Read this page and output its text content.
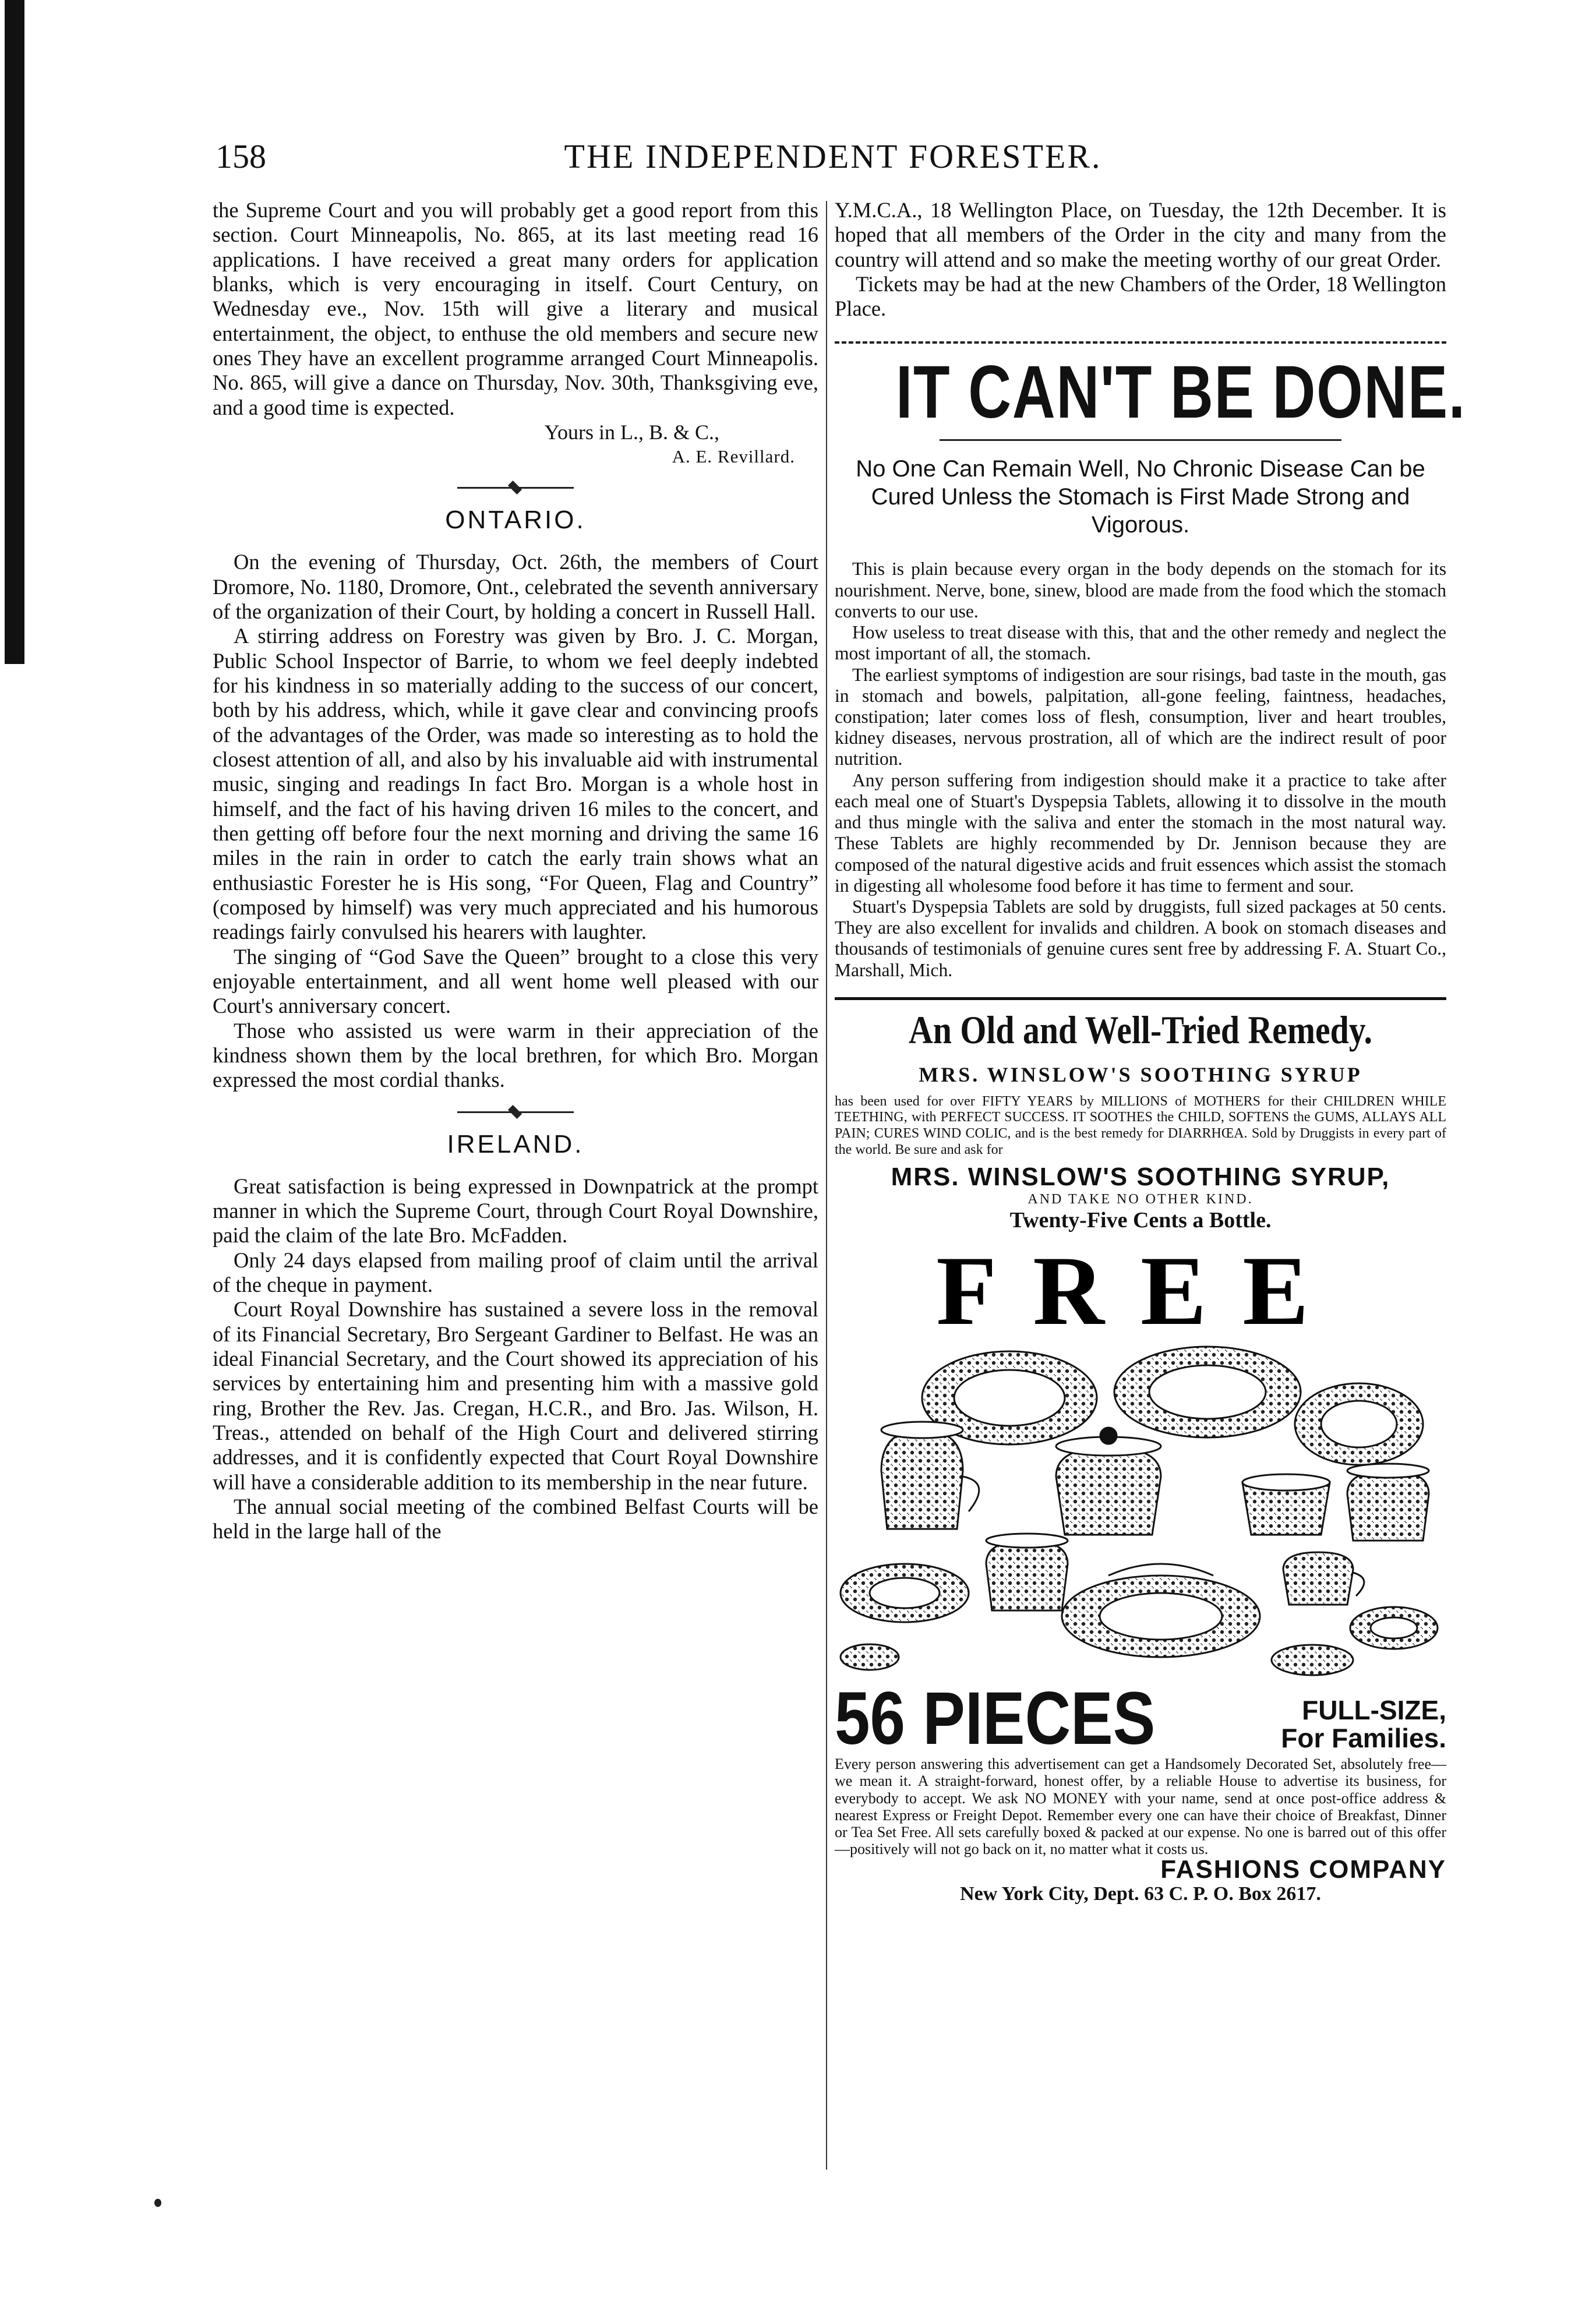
158	THE INDEPENDENT FORESTER.

the Supreme Court and you will probably get a good report from this section. Court Minneapolis, No. 865, at its last meeting read 16 applications. I have received a great many orders for application blanks, which is very encouraging in itself. Court Century, on Wednesday eve., Nov. 15th will give a literary and musical entertainment, the object, to enthuse the old members and secure new ones They have an excellent programme arranged Court Minneapolis. No. 865, will give a dance on Thursday, Nov. 30th, Thanksgiving eve, and a good time is expected.

Yours in L., B. & C.,
A. E. Revillard.
ONTARIO.

On the evening of Thursday, Oct. 26th, the members of Court Dromore, No. 1180, Dromore, Ont., celebrated the seventh anniversary of the organization of their Court, by holding a concert in Russell Hall.

A stirring address on Forestry was given by Bro. J. C. Morgan, Public School Inspector of Barrie, to whom we feel deeply indebted for his kindness in so materially adding to the success of our concert, both by his address, which, while it gave clear and convincing proofs of the advantages of the Order, was made so interesting as to hold the closest attention of all, and also by his invaluable aid with instrumental music, singing and readings In fact Bro. Morgan is a whole host in himself, and the fact of his having driven 16 miles to the concert, and then getting off before four the next morning and driving the same 16 miles in the rain in order to catch the early train shows what an enthusiastic Forester he is His song, “For Queen, Flag and Country” (composed by himself) was very much appreciated and his humorous readings fairly convulsed his hearers with laughter.

The singing of “God Save the Queen” brought to a close this very enjoyable entertainment, and all went home well pleased with our Court's anniversary concert.

Those who assisted us were warm in their appreciation of the kindness shown them by the local brethren, for which Bro. Morgan expressed the most cordial thanks.

IRELAND.

Great satisfaction is being expressed in Downpatrick at the prompt manner in which the Supreme Court, through Court Royal Downshire, paid the claim of the late Bro. McFadden.

Only 24 days elapsed from mailing proof of claim until the arrival of the cheque in payment.

Court Royal Downshire has sustained a severe loss in the removal of its Financial Secretary, Bro Sergeant Gardiner to Belfast. He was an ideal Financial Secretary, and the Court showed its appreciation of his services by entertaining him and presenting him with a massive gold ring, Brother the Rev. Jas. Cregan, H.C.R., and Bro. Jas. Wilson, H. Treas., attended on behalf of the High Court and delivered stirring addresses, and it is confidently expected that Court Royal Downshire will have a considerable addition to its membership in the near future.

The annual social meeting of the combined Belfast Courts will be held in the large hall of the

Y.M.C.A., 18 Wellington Place, on Tuesday, the 12th December. It is hoped that all members of the Order in the city and many from the country will attend and so make the meeting worthy of our great Order.

Tickets may be had at the new Chambers of the Order, 18 Wellington Place.

IT CAN'T BE DONE.
No One Can Remain Well, No Chronic Disease Can be Cured Unless the Stomach is First Made Strong and Vigorous.

This is plain because every organ in the body depends on the stomach for its nourishment. Nerve, bone, sinew, blood are made from the food which the stomach converts to our use.

How useless to treat disease with this, that and the other remedy and neglect the most important of all, the stomach.

The earliest symptoms of indigestion are sour risings, bad taste in the mouth, gas in stomach and bowels, palpitation, all-gone feeling, faintness, headaches, constipation; later comes loss of flesh, consumption, liver and heart troubles, kidney diseases, nervous prostration, all of which are the indirect result of poor nutrition.

Any person suffering from indigestion should make it a practice to take after each meal one of Stuart's Dyspepsia Tablets, allowing it to dissolve in the mouth and thus mingle with the saliva and enter the stomach in the most natural way. These Tablets are highly recommended by Dr. Jennison because they are composed of the natural digestive acids and fruit essences which assist the stomach in digesting all wholesome food before it has time to ferment and sour.

Stuart's Dyspepsia Tablets are sold by druggists, full sized packages at 50 cents. They are also excellent for invalids and children. A book on stomach diseases and thousands of testimonials of genuine cures sent free by addressing F. A. Stuart Co., Marshall, Mich.

An Old and Well-Tried Remedy.
MRS. WINSLOW'S SOOTHING SYRUP
has been used for over FIFTY YEARS by MILLIONS of MOTHERS for their CHILDREN WHILE TEETHING, with PERFECT SUCCESS. IT SOOTHES the CHILD, SOFTENS the GUMS, ALLAYS ALL PAIN; CURES WIND COLIC, and is the best remedy for DIARRHŒA. Sold by Druggists in every part of the world. Be sure and ask for
MRS. WINSLOW'S SOOTHING SYRUP,
AND TAKE NO OTHER KIND.
Twenty-Five Cents a Bottle.
FREE
56 PIECES	FULL-SIZE,
For Families.
Every person answering this advertisement can get a Handsomely Decorated Set, absolutely free—we mean it. A straight-forward, honest offer, by a reliable House to advertise its business, for everybody to accept. We ask NO MONEY with your name, send at once post-office address & nearest Express or Freight Depot. Remember every one can have their choice of Breakfast, Dinner or Tea Set Free. All sets carefully boxed & packed at our expense. No one is barred out of this offer—positively will not go back on it, no matter what it costs us.
FASHIONS COMPANY
New York City, Dept. 63 C. P. O. Box 2617.
